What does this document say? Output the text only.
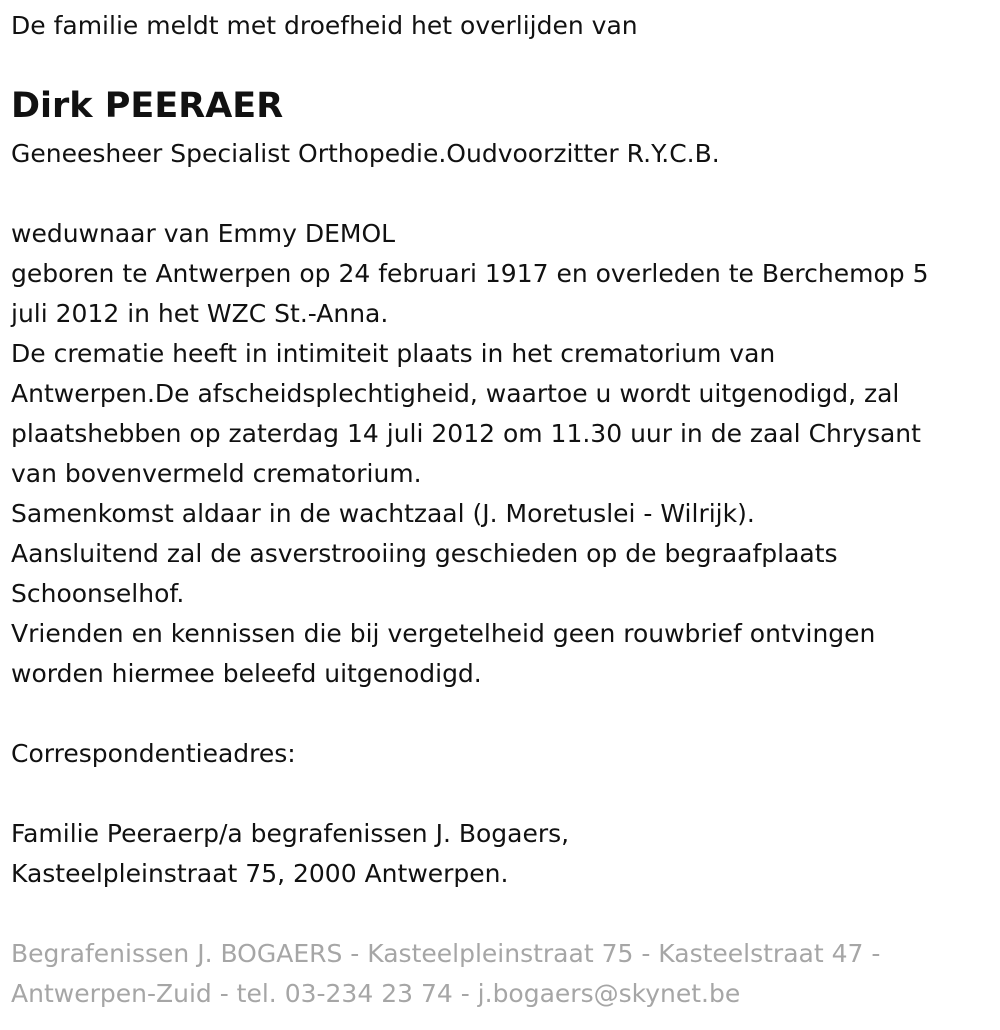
De familie meldt met droefheid het overlijden van
Dirk PEERAER
Geneesheer Specialist Orthopedie.Oudvoorzitter R.Y.C.B.
weduwnaar van Emmy DEMOL
geboren te Antwerpen op 24 februari 1917 en overleden te Berchemop 5
juli 2012 in het WZC St.-Anna.
De crematie heeft in intimiteit plaats in het crematorium van
Antwerpen.De afscheidsplechtigheid, waartoe u wordt uitgenodigd, zal
plaatshebben op zaterdag 14 juli 2012 om 11.30 uur in de zaal Chrysant
van bovenvermeld crematorium.
Samenkomst aldaar in de wachtzaal (J. Moretuslei - Wilrijk).
Aansluitend zal de asverstrooiing geschieden op de begraafplaats
Schoonselhof.
Vrienden en kennissen die bij vergetelheid geen rouwbrief ontvingen
worden hiermee beleefd uitgenodigd.
Correspondentieadres:
Familie Peeraerp/a begrafenissen J. Bogaers,
Kasteelpleinstraat 75, 2000 Antwerpen.
Begrafenissen J. BOGAERS - Kasteelpleinstraat 75 - Kasteelstraat 47 -
Antwerpen-Zuid - tel. 03-234 23 74 - j.bogaers@skynet.be
